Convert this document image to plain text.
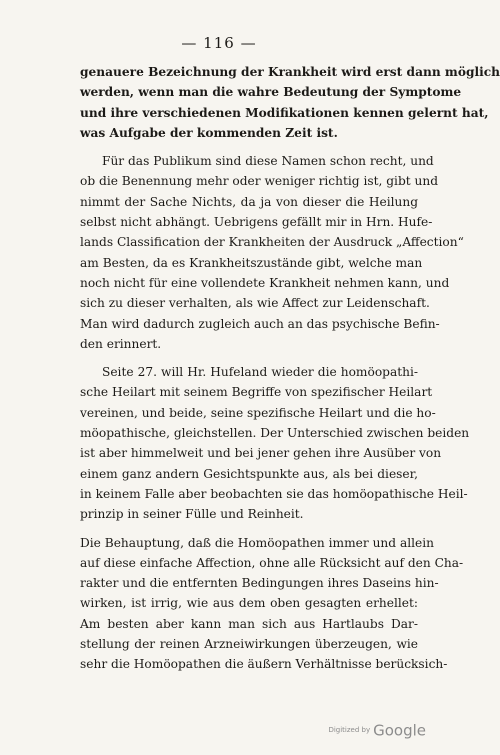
— 116 —
genauere Bezeichnung der Krankheit wird erst dann möglich
werden, wenn man die wahre Bedeutung der Symptome
und ihre verschiedenen Modifikationen kennen gelernt hat,
was Aufgabe der kommenden Zeit ist.
Für das Publikum sind diese Namen schon recht, und
ob die Benennung mehr oder weniger richtig ist, gibt und
nimmt der Sache Nichts, da ja von dieser die Heilung
selbst nicht abhängt. Uebrigens gefällt mir in Hrn. Hufe-
lands Classification der Krankheiten der Ausdruck „Affection“
am Besten, da es Krankheitszustände gibt, welche man
noch nicht für eine vollendete Krankheit nehmen kann, und
sich zu dieser verhalten, als wie Affect zur Leidenschaft.
Man wird dadurch zugleich auch an das psychische Befin-
den erinnert.
Seite 27. will Hr. Hufeland wieder die homöopathi-
sche Heilart mit seinem Begriffe von spezifischer Heilart
vereinen, und beide, seine spezifische Heilart und die ho-
möopathische, gleichstellen. Der Unterschied zwischen beiden
ist aber himmelweit und bei jener gehen ihre Ausüber von
einem ganz andern Gesichtspunkte aus, als bei dieser,
in keinem Falle aber beobachten sie das homöopathische Heil-
prinzip in seiner Fülle und Reinheit.
Die Behauptung, daß die Homöopathen immer und allein
auf diese einfache Affection, ohne alle Rücksicht auf den Cha-
rakter und die entfernten Bedingungen ihres Daseins hin-
wirken, ist irrig, wie aus dem oben gesagten erhellet:
Am besten aber kann man sich aus Hartlaubs Dar-
stellung der reinen Arzneiwirkungen überzeugen, wie
sehr die Homöopathen die äußern Verhältnisse berücksich-
Digitized by Google
